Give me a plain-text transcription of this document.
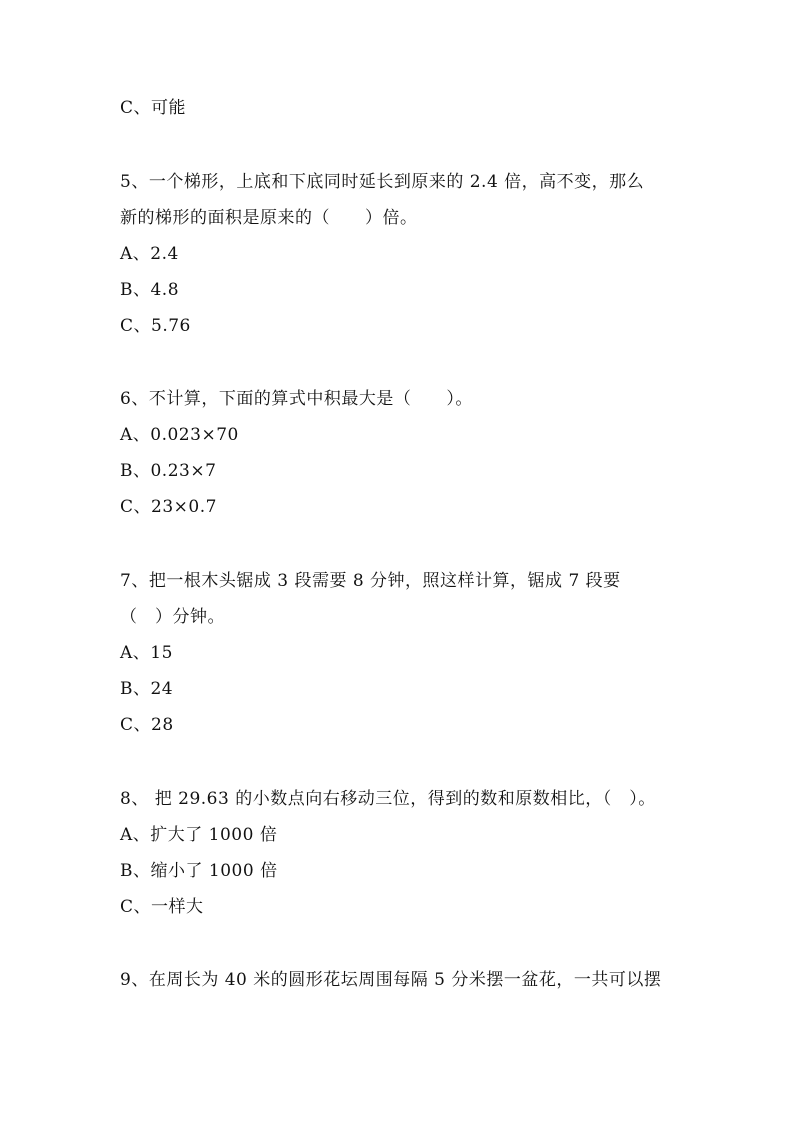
C、可能
5、一个梯形，上底和下底同时延长到原来的 2.4 倍，高不变，那么
新的梯形的面积是原来的（　　）倍。
A、2.4
B、4.8
C、5.76
6、不计算，下面的算式中积最大是（　　）。
A、0.023×70
B、0.23×7
C、23×0.7
7、把一根木头锯成 3 段需要 8 分钟，照这样计算，锯成 7 段要
（　）分钟。
A、15
B、24
C、28
8、 把 29.63 的小数点向右移动三位，得到的数和原数相比，（　）。
A、扩大了 1000 倍
B、缩小了 1000 倍
C、一样大
9、在周长为 40 米的圆形花坛周围每隔 5 分米摆一盆花，一共可以摆
